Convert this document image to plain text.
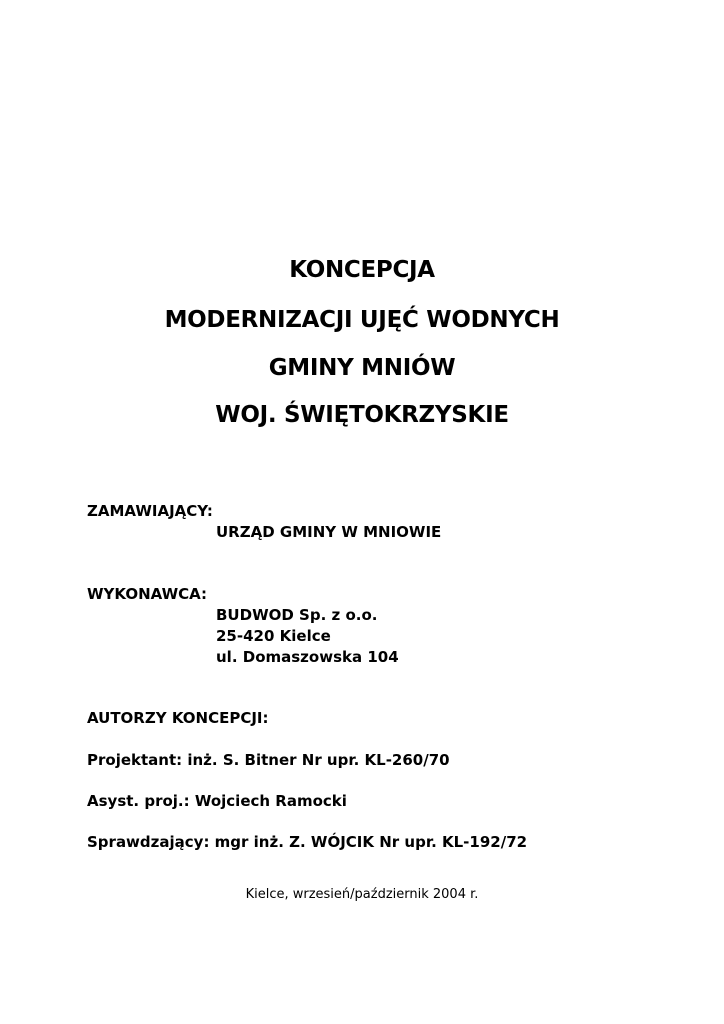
KONCEPCJA
MODERNIZACJI UJĘĆ WODNYCH
GMINY MNIÓW
WOJ. ŚWIĘTOKRZYSKIE
ZAMAWIAJĄCY:
URZĄD GMINY W MNIOWIE
WYKONAWCA:
BUDWOD Sp. z o.o.
25-420 Kielce
ul. Domaszowska 104
AUTORZY KONCEPCJI:
Projektant: inż. S. Bitner Nr upr. KL-260/70
Asyst. proj.: Wojciech Ramocki
Sprawdzający: mgr inż. Z. WÓJCIK Nr upr. KL-192/72
Kielce, wrzesień/październik 2004 r.
